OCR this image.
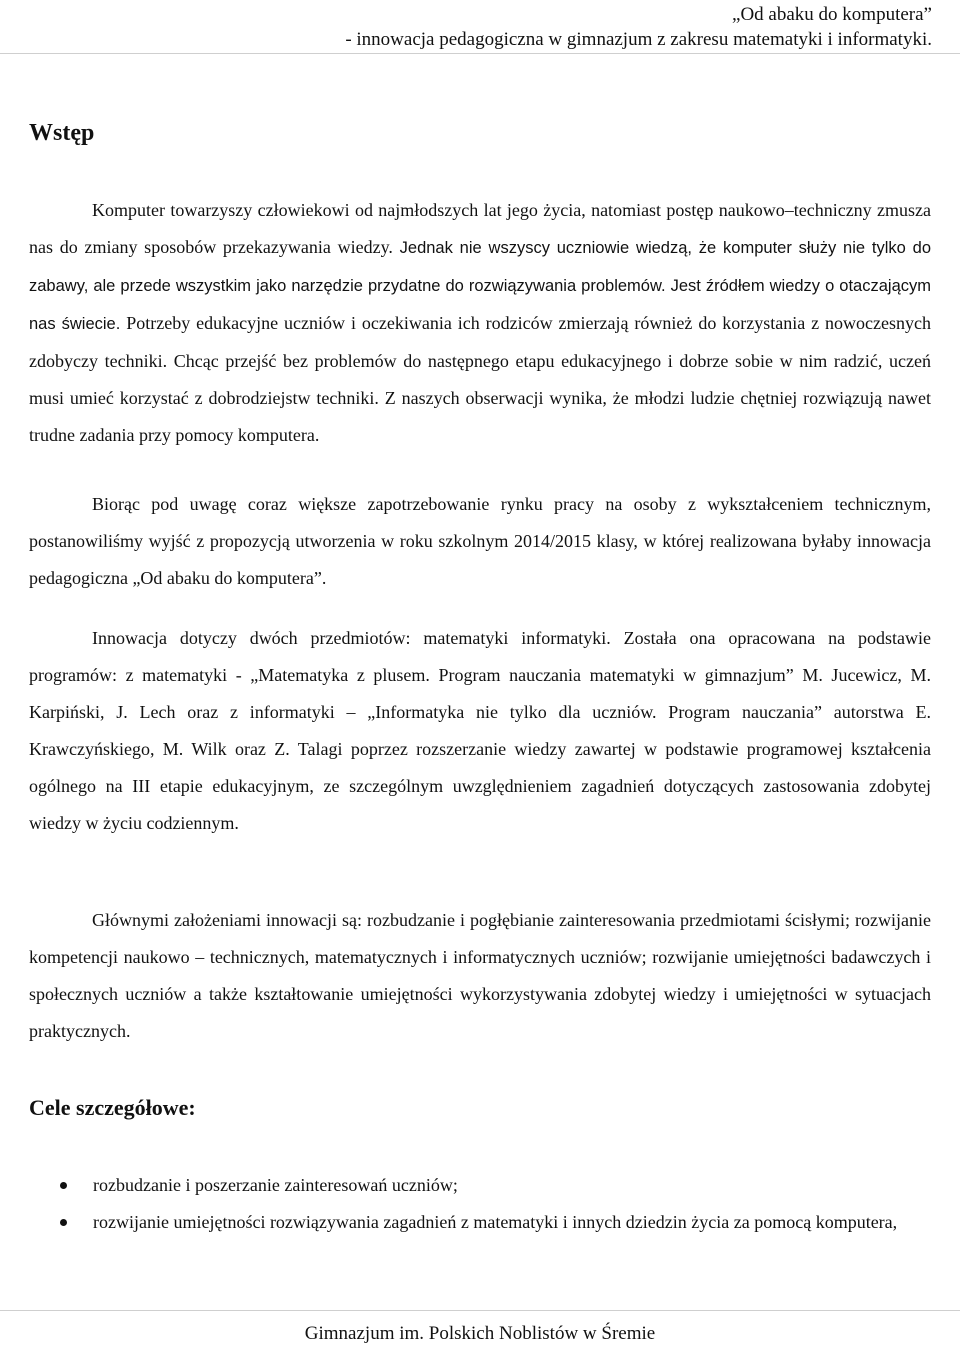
„Od abaku do komputera”
- innowacja pedagogiczna w gimnazjum z zakresu matematyki i informatyki.
Wstęp

Komputer towarzyszy człowiekowi od najmłodszych lat jego życia, natomiast postęp naukowo–techniczny zmusza nas do zmiany sposobów przekazywania wiedzy. Jednak nie wszyscy uczniowie wiedzą, że komputer służy nie tylko do zabawy, ale przede wszystkim jako narzędzie przydatne do rozwiązywania problemów. Jest źródłem wiedzy o otaczającym nas świecie. Potrzeby edukacyjne uczniów i oczekiwania ich rodziców zmierzają również do korzystania z nowoczesnych zdobyczy techniki. Chcąc przejść bez problemów do następnego etapu edukacyjnego i dobrze sobie w nim radzić, uczeń musi umieć korzystać z dobrodziejstw techniki. Z naszych obserwacji wynika, że młodzi ludzie chętniej rozwiązują nawet trudne zadania przy pomocy komputera.

Biorąc pod uwagę coraz większe zapotrzebowanie rynku pracy na osoby z wykształceniem technicznym, postanowiliśmy wyjść z propozycją utworzenia w roku szkolnym 2014/2015 klasy, w której realizowana byłaby innowacja pedagogiczna „Od abaku do komputera”.

Innowacja dotyczy dwóch przedmiotów: matematyki informatyki. Została ona opracowana na podstawie programów: z matematyki - „Matematyka z plusem. Program nauczania matematyki w gimnazjum” M. Jucewicz, M. Karpiński, J. Lech oraz z informatyki – „Informatyka nie tylko dla uczniów. Program nauczania” autorstwa E. Krawczyńskiego, M. Wilk oraz Z. Talagi poprzez rozszerzanie wiedzy zawartej w podstawie programowej kształcenia ogólnego na III etapie edukacyjnym, ze szczególnym uwzględnieniem zagadnień dotyczących zastosowania zdobytej wiedzy w życiu codziennym.

Głównymi założeniami innowacji są: rozbudzanie i pogłębianie zainteresowania przedmiotami ścisłymi; rozwijanie kompetencji naukowo – technicznych, matematycznych i informatycznych uczniów; rozwijanie umiejętności badawczych i społecznych uczniów a także kształtowanie umiejętności wykorzystywania zdobytej wiedzy i umiejętności w sytuacjach praktycznych.

Cele szczegółowe:
rozbudzanie i poszerzanie zainteresowań uczniów;
rozwijanie umiejętności rozwiązywania zagadnień z matematyki i innych dziedzin życia za pomocą komputera,
Gimnazjum im. Polskich Noblistów w Śremie
